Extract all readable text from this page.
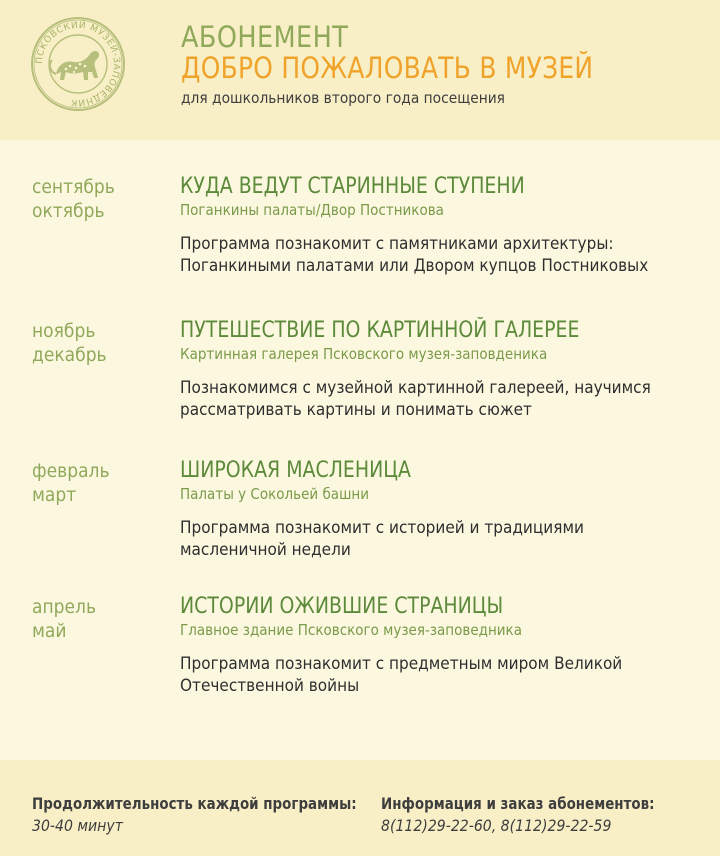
ПСКОВСКИЙ МУЗЕЙ-ЗАПОВЕДНИК
АБОНЕМЕНТ
ДОБРО ПОЖАЛОВАТЬ В МУЗЕЙ
для дошкольников второго года посещения
сентябрь
октябрь
КУДА ВЕДУТ СТАРИННЫЕ СТУПЕНИ
Поганкины палаты/Двор Постникова
Программа познакомит с памятниками архитектуры: Поганкиными палатами или Двором купцов Постниковых
ноябрь
декабрь
ПУТЕШЕСТВИЕ ПО КАРТИННОЙ ГАЛЕРЕЕ
Картинная галерея Псковского музея-заповденика
Познакомимся с музейной картинной галереей, научимся рассматривать картины и понимать сюжет
февраль
март
ШИРОКАЯ МАСЛЕНИЦА
Палаты у Сокольей башни
Программа познакомит с историей и традициями масленичной недели
апрель
май
ИСТОРИИ ОЖИВШИЕ СТРАНИЦЫ
Главное здание Псковского музея-заповедника
Программа познакомит с предметным миром Великой Отечественной войны
Продолжительность каждой программы:
30-40 минут
Информация и заказ абонементов:
8(112)29-22-60, 8(112)29-22-59
